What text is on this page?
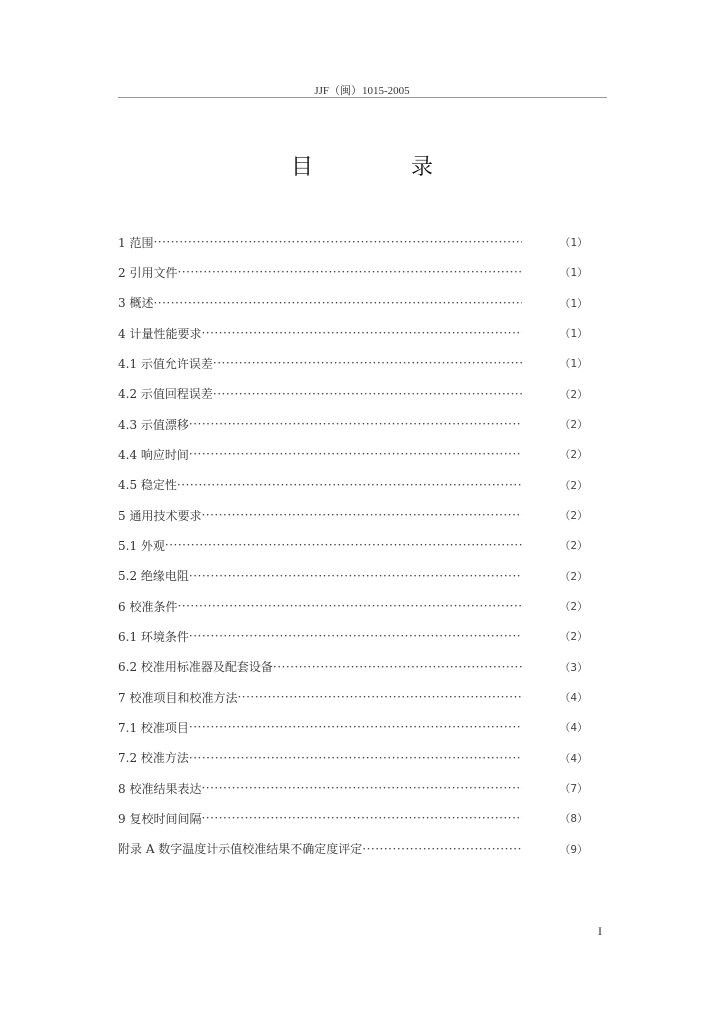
JJF（闽）1015-2005
目　录
1 范围 ·····	（1）
2 引用文件 ·····	（1）
3 概述 ·····	（1）
4 计量性能要求 ·····	（1）
4.1 示值允许误差 ·····	（1）
4.2 示值回程误差 ·····	（2）
4.3 示值漂移 ·····	（2）
4.4 响应时间 ·····	（2）
4.5 稳定性 ·····	（2）
5 通用技术要求 ·····	（2）
5.1 外观 ·····	（2）
5.2 绝缘电阻 ·····	（2）
6 校准条件 ·····	（2）
6.1 环境条件 ·····	（2）
6.2 校准用标准器及配套设备 ·····	（3）
7 校准项目和校准方法 ·····	（4）
7.1 校准项目 ·····	（4）
7.2 校准方法 ·····	（4）
8 校准结果表达 ·····	（7）
9 复校时间间隔 ·····	（8）
附录 A 数字温度计示值校准结果不确定度评定 ·····	（9）
I
